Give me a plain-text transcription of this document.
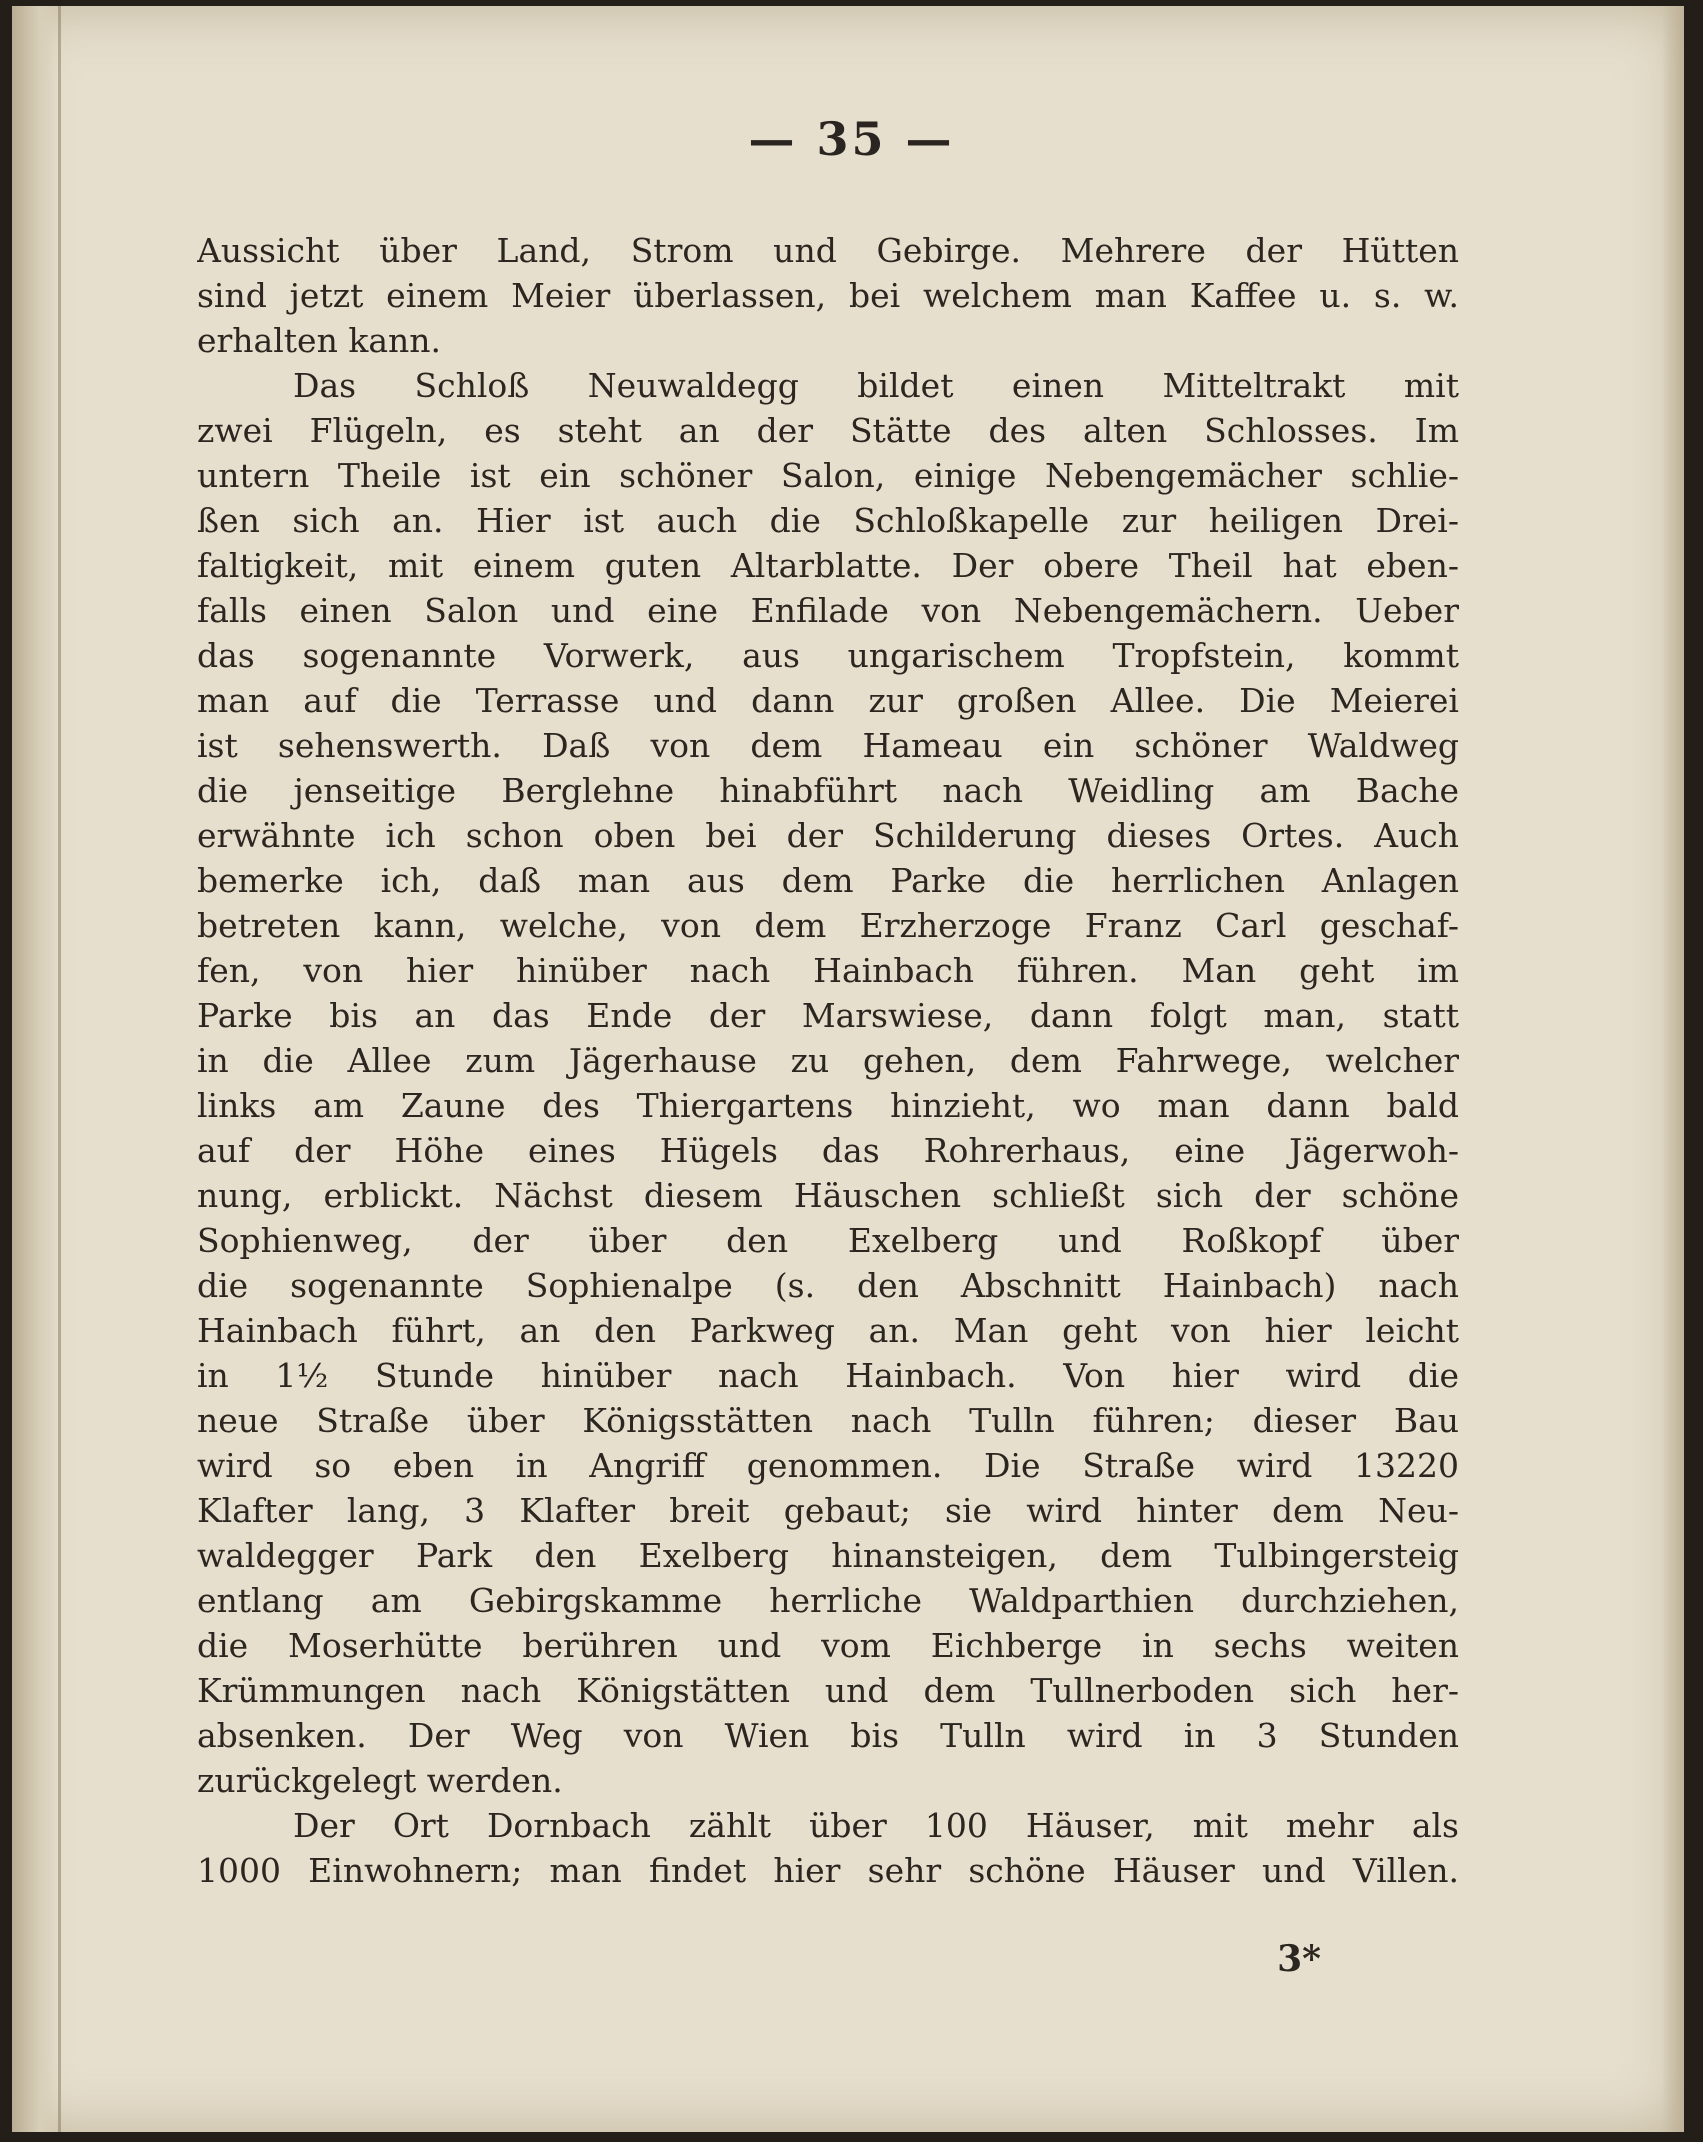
— 35 —
Aussicht über Land, Strom und Gebirge. Mehrere der Hütten
sind jetzt einem Meier überlassen, bei welchem man Kaffee u. s. w.
erhalten kann.
Das Schloß Neuwaldegg bildet einen Mitteltrakt mit
zwei Flügeln, es steht an der Stätte des alten Schlosses. Im
untern Theile ist ein schöner Salon, einige Nebengemächer schlie-
ßen sich an. Hier ist auch die Schloßkapelle zur heiligen Drei-
faltigkeit, mit einem guten Altarblatte. Der obere Theil hat eben-
falls einen Salon und eine Enfilade von Nebengemächern. Ueber
das sogenannte Vorwerk, aus ungarischem Tropfstein, kommt
man auf die Terrasse und dann zur großen Allee. Die Meierei
ist sehenswerth. Daß von dem Hameau ein schöner Waldweg
die jenseitige Berglehne hinabführt nach Weidling am Bache
erwähnte ich schon oben bei der Schilderung dieses Ortes. Auch
bemerke ich, daß man aus dem Parke die herrlichen Anlagen
betreten kann, welche, von dem Erzherzoge Franz Carl geschaf-
fen, von hier hinüber nach Hainbach führen. Man geht im
Parke bis an das Ende der Marswiese, dann folgt man, statt
in die Allee zum Jägerhause zu gehen, dem Fahrwege, welcher
links am Zaune des Thiergartens hinzieht, wo man dann bald
auf der Höhe eines Hügels das Rohrerhaus, eine Jägerwoh-
nung, erblickt. Nächst diesem Häuschen schließt sich der schöne
Sophienweg, der über den Exelberg und Roßkopf über
die sogenannte Sophienalpe (s. den Abschnitt Hainbach) nach
Hainbach führt, an den Parkweg an. Man geht von hier leicht
in 1½ Stunde hinüber nach Hainbach. Von hier wird die
neue Straße über Königsstätten nach Tulln führen; dieser Bau
wird so eben in Angriff genommen. Die Straße wird 13220
Klafter lang, 3 Klafter breit gebaut; sie wird hinter dem Neu-
waldegger Park den Exelberg hinansteigen, dem Tulbingersteig
entlang am Gebirgskamme herrliche Waldparthien durchziehen,
die Moserhütte berühren und vom Eichberge in sechs weiten
Krümmungen nach Königstätten und dem Tullnerboden sich her-
absenken. Der Weg von Wien bis Tulln wird in 3 Stunden
zurückgelegt werden.
Der Ort Dornbach zählt über 100 Häuser, mit mehr als
1000 Einwohnern; man findet hier sehr schöne Häuser und Villen.
3*
